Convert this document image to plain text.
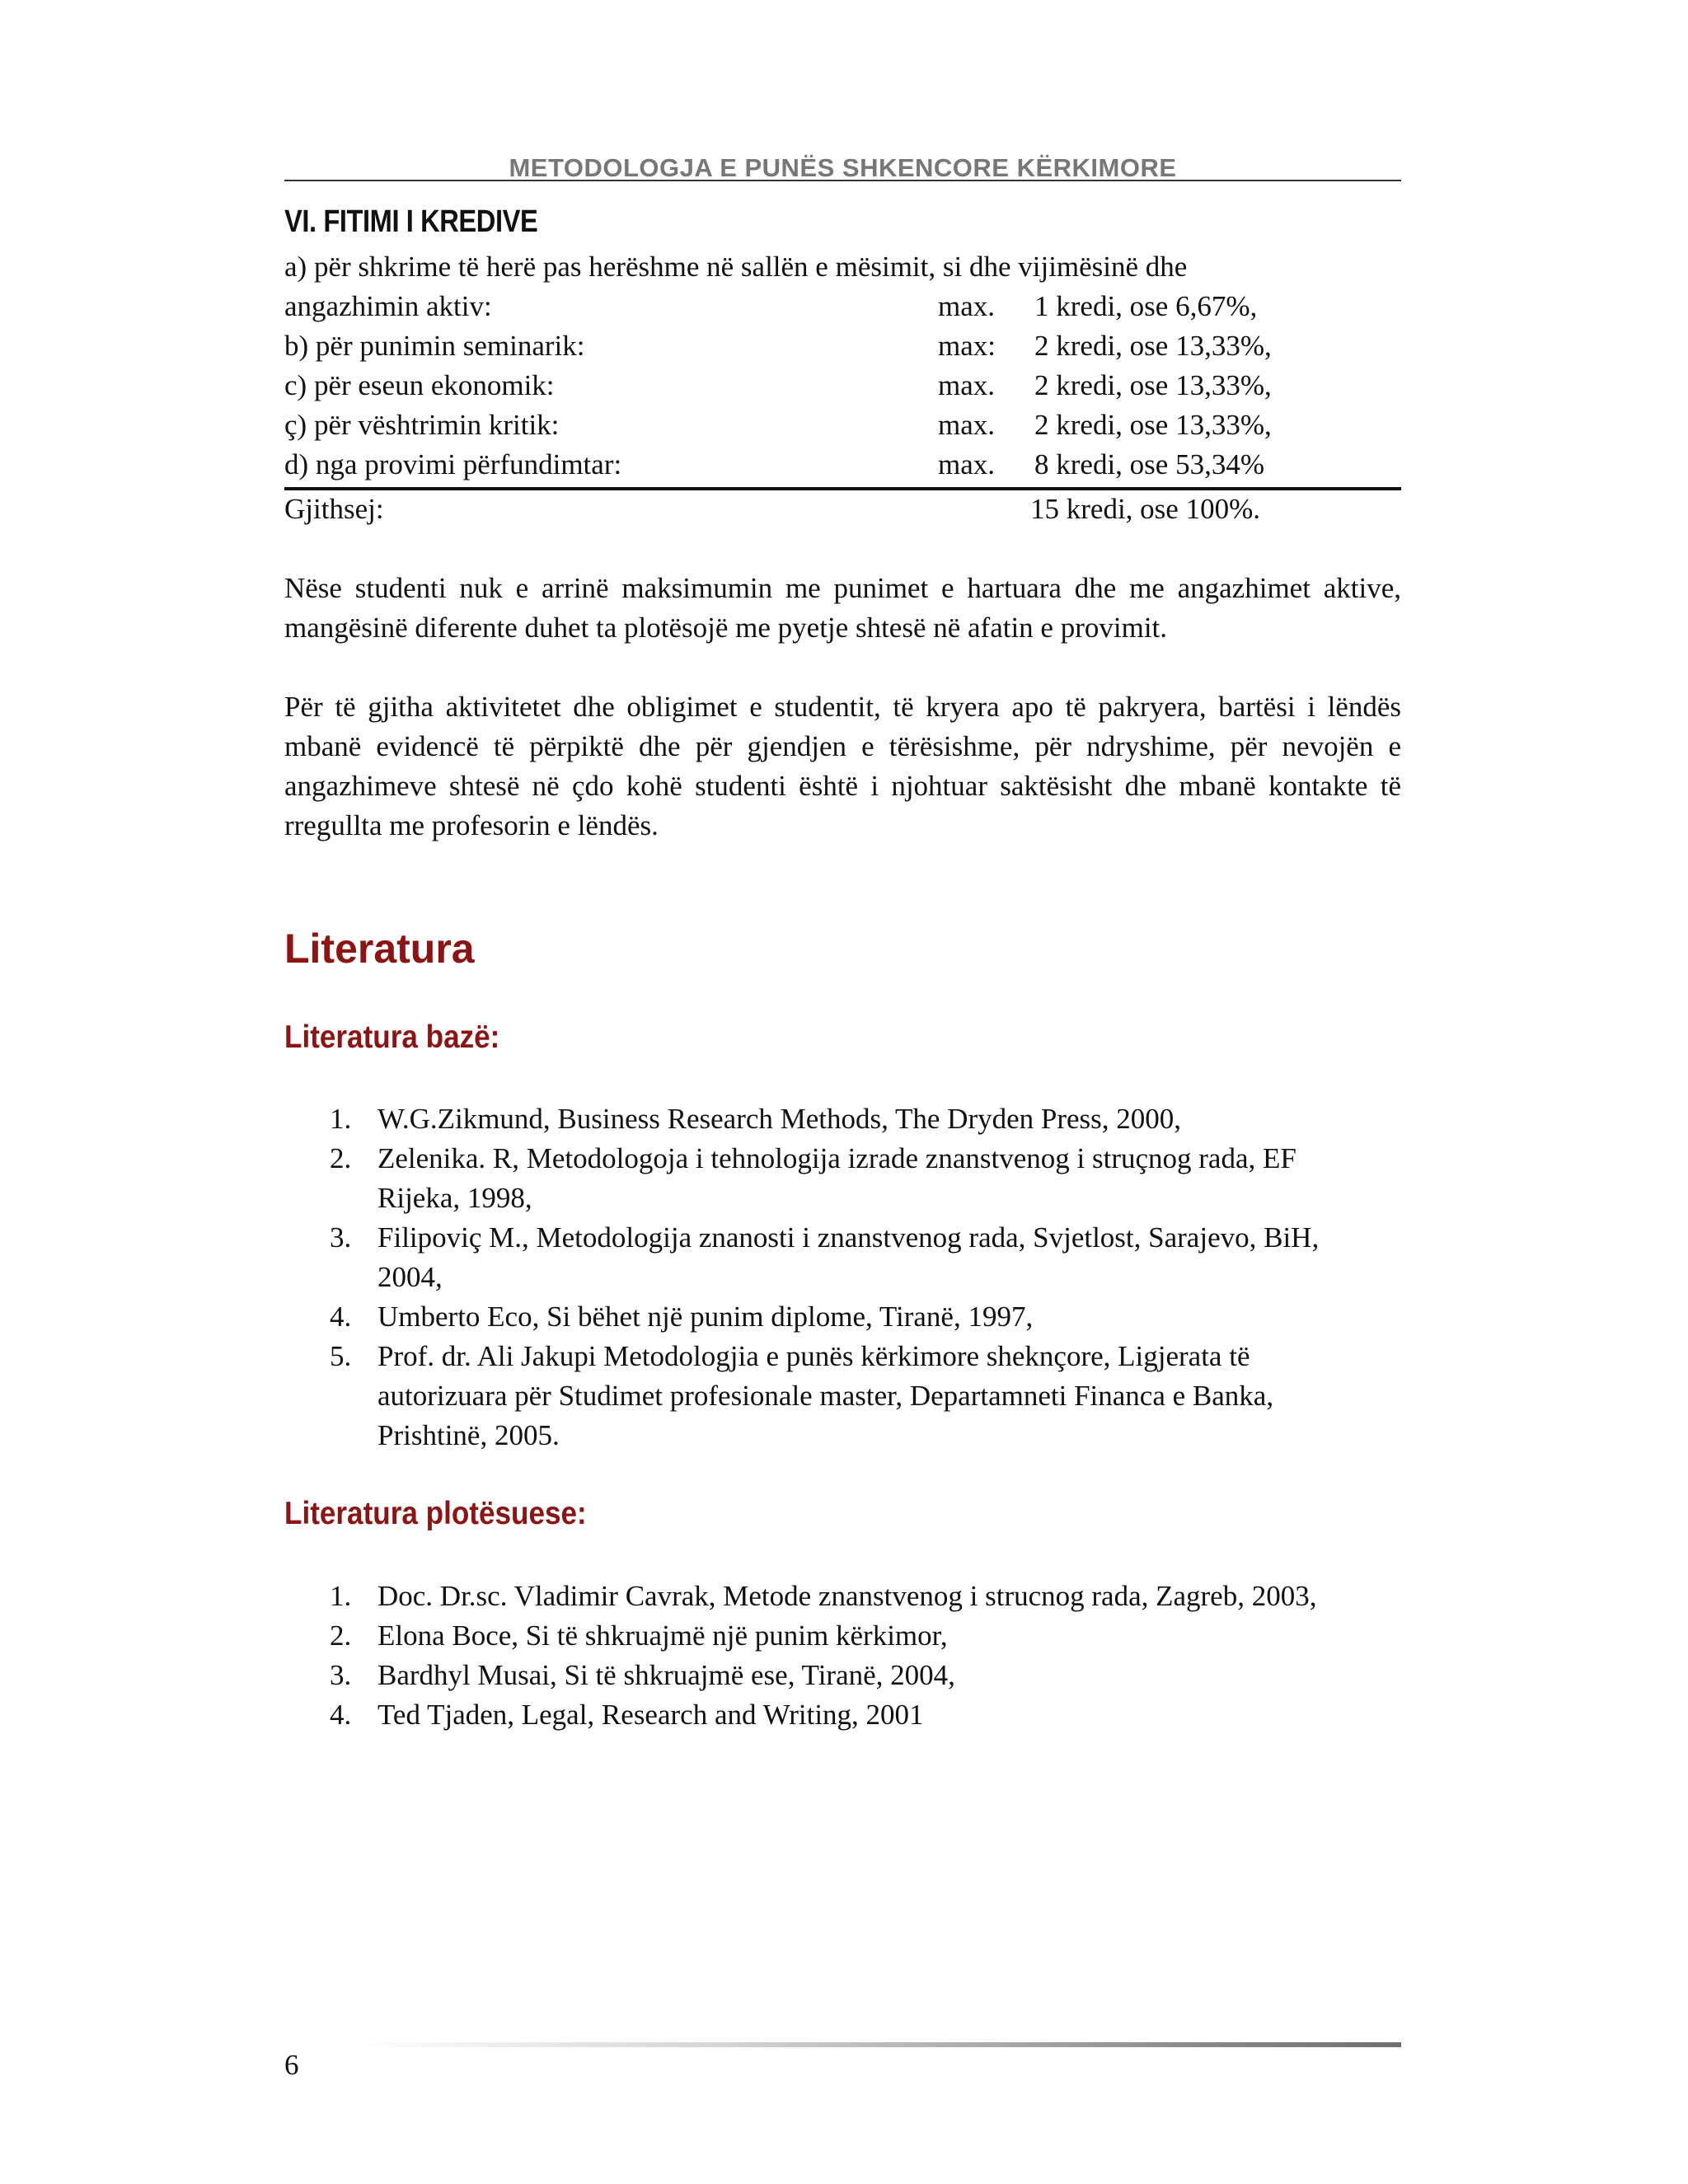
METODOLOGJA E PUNËS SHKENCORE KËRKIMORE
VI. FITIMI I KREDIVE
a) për shkrime të herë pas herëshme në sallën e mësimit, si dhe vijimësinë dhe
angazhimin aktiv:	max. 1 kredi, ose 6,67%,
b) për punimin seminarik:	max: 2 kredi, ose 13,33%,
c) për eseun ekonomik:	max. 2 kredi, ose 13,33%,
ç) për vështrimin kritik:	max. 2 kredi, ose 13,33%,
d) nga provimi përfundimtar:	max. 8 kredi, ose 53,34%
Gjithsej:	15 kredi, ose 100%.
Nëse studenti nuk e arrinë maksimumin me punimet e hartuara dhe me angazhimet aktive, mangësinë diferente duhet ta plotësojë me pyetje shtesë në afatin e provimit.
Për të gjitha aktivitetet dhe obligimet e studentit, të kryera apo të pakryera, bartësi i lëndës mbanë evidencë të përpiktë dhe për gjendjen e tërësishme, për ndryshime, për nevojën e angazhimeve shtesë në çdo kohë studenti është i njohtuar saktësisht dhe mbanë kontakte të rregullta me profesorin e lëndës.
Literatura
Literatura bazë:
1. W.G.Zikmund, Business Research Methods, The Dryden Press, 2000,
2. Zelenika. R, Metodologoja i tehnologija izrade znanstvenog i struçnog rada, EF Rijeka, 1998,
3. Filipoviç M., Metodologija znanosti i znanstvenog rada, Svjetlost, Sarajevo, BiH, 2004,
4. Umberto Eco, Si bëhet një punim diplome, Tiranë, 1997,
5. Prof. dr. Ali Jakupi Metodologjia e punës kërkimore sheknçore, Ligjerata të autorizuara për Studimet profesionale master, Departamneti Financa e Banka, Prishtinë, 2005.
Literatura plotësuese:
1. Doc. Dr.sc. Vladimir Cavrak, Metode znanstvenog i strucnog rada, Zagreb, 2003,
2. Elona Boce, Si të shkruajmë një punim kërkimor,
3. Bardhyl Musai, Si të shkruajmë ese, Tiranë, 2004,
4. Ted Tjaden, Legal, Research and Writing, 2001
6
